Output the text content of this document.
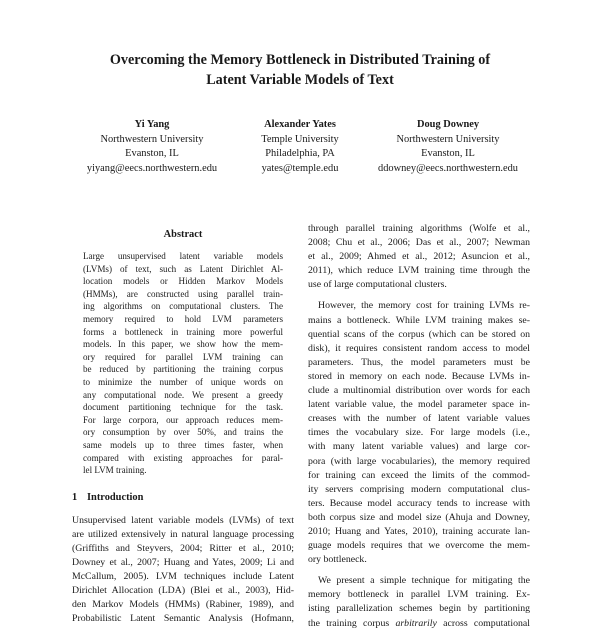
Overcoming the Memory Bottleneck in Distributed Training of
Latent Variable Models of Text
Yi Yang
Northwestern University
Evanston, IL
yiyang@eecs.northwestern.edu
Alexander Yates
Temple University
Philadelphia, PA
yates@temple.edu
Doug Downey
Northwestern University
Evanston, IL
ddowney@eecs.northwestern.edu
Abstract
Large unsupervised latent variable models
(LVMs) of text, such as Latent Dirichlet Al-
location models or Hidden Markov Models
(HMMs), are constructed using parallel train-
ing algorithms on computational clusters. The
memory required to hold LVM parameters
forms a bottleneck in training more powerful
models. In this paper, we show how the mem-
ory required for parallel LVM training can
be reduced by partitioning the training corpus
to minimize the number of unique words on
any computational node. We present a greedy
document partitioning technique for the task.
For large corpora, our approach reduces mem-
ory consumption by over 50%, and trains the
same models up to three times faster, when
compared with existing approaches for paral-
lel LVM training.
1 Introduction
Unsupervised latent variable models (LVMs) of text
are utilized extensively in natural language processing
(Griffiths and Steyvers, 2004; Ritter et al., 2010;
Downey et al., 2007; Huang and Yates, 2009; Li and
McCallum, 2005). LVM techniques include Latent
Dirichlet Allocation (LDA) (Blei et al., 2003), Hid-
den Markov Models (HMMs) (Rabiner, 1989), and
Probabilistic Latent Semantic Analysis (Hofmann,
through parallel training algorithms (Wolfe et al.,
2008; Chu et al., 2006; Das et al., 2007; Newman
et al., 2009; Ahmed et al., 2012; Asuncion et al.,
2011), which reduce LVM training time through the
use of large computational clusters.
However, the memory cost for training LVMs re-
mains a bottleneck. While LVM training makes se-
quential scans of the corpus (which can be stored on
disk), it requires consistent random access to model
parameters. Thus, the model parameters must be
stored in memory on each node. Because LVMs in-
clude a multinomial distribution over words for each
latent variable value, the model parameter space in-
creases with the number of latent variable values
times the vocabulary size. For large models (i.e.,
with many latent variable values) and large cor-
pora (with large vocabularies), the memory required
for training can exceed the limits of the commod-
ity servers comprising modern computational clus-
ters. Because model accuracy tends to increase with
both corpus size and model size (Ahuja and Downey,
2010; Huang and Yates, 2010), training accurate lan-
guage models requires that we overcome the mem-
ory bottleneck.
We present a simple technique for mitigating the
memory bottleneck in parallel LVM training. Ex-
isting parallelization schemes begin by partitioning
the training corpus arbitrarily across computational
